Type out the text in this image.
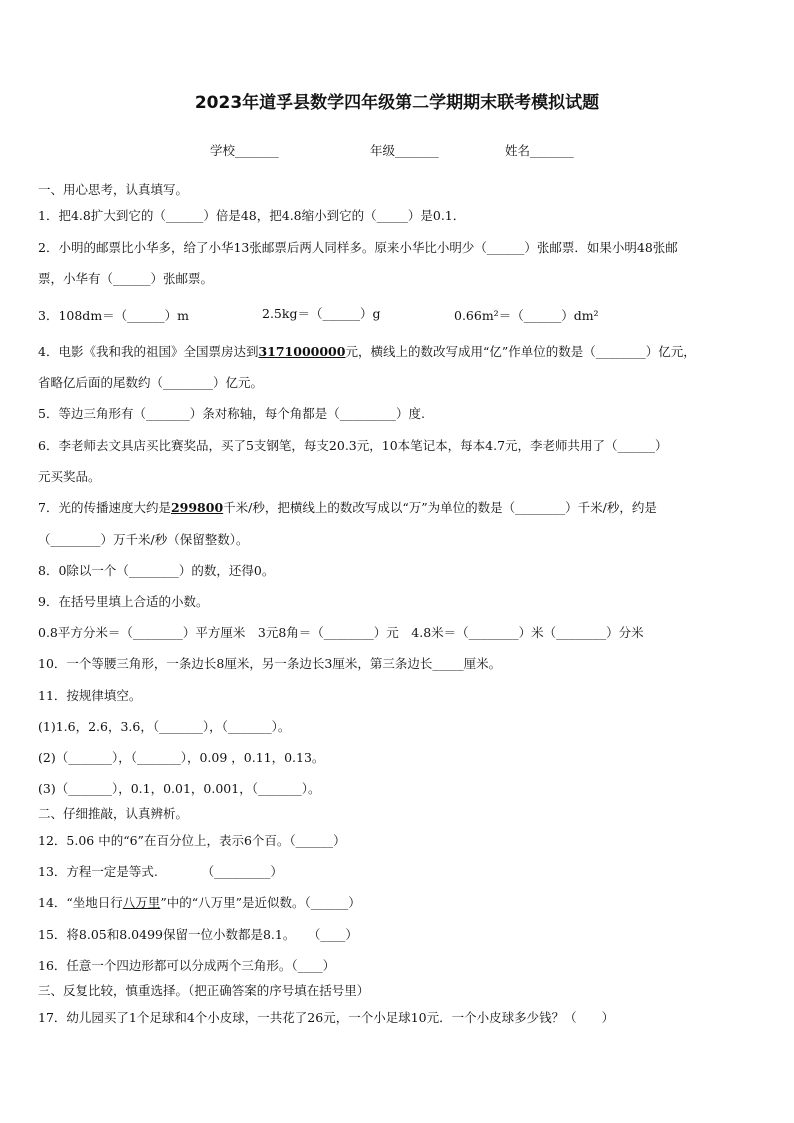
2023年道孚县数学四年级第二学期期末联考模拟试题
学校_______	年级_______	姓名_______
一、用心思考，认真填写。
1．把4.8扩大到它的（______）倍是48，把4.8缩小到它的（_____）是0.1．
2．小明的邮票比小华多，给了小华13张邮票后两人同样多。原来小华比小明少（______）张邮票．如果小明48张邮
票，小华有（______）张邮票。
3．108dm＝（______）m	2.5kg＝（______）g	0.66m²＝（______）dm²
4．电影《我和我的祖国》全国票房达到3171000000元，横线上的数改写成用“亿”作单位的数是（________）亿元，
省略亿后面的尾数约（________）亿元。
5．等边三角形有（_______）条对称轴，每个角都是（_________）度.
6．李老师去文具店买比赛奖品，买了5支钢笔，每支20.3元，10本笔记本，每本4.7元，李老师共用了（______）
元买奖品。
7．光的传播速度大约是299800千米/秒，把横线上的数改写成以“万”为单位的数是（________）千米/秒，约是
（________）万千米/秒（保留整数）。
8．0除以一个（________）的数，还得0。
9．在括号里填上合适的小数。
0.8平方分米＝（________）平方厘米　3元8角＝（________）元　4.8米＝（________）米（________）分米
10．一个等腰三角形，一条边长8厘米，另一条边长3厘米，第三条边长_____厘米。
11．按规律填空。
(1)1.6，2.6，3.6，（_______），（_______）。
(2)（_______），（_______），0.09 ，0.11，0.13。
(3)（_______），0.1，0.01，0.001，（_______）。
二、仔细推敲，认真辨析。
12．5.06 中的“6”在百分位上，表示6个百。（______）
13．方程一定是等式.　　　　（_________）
14．“坐地日行八万里”中的“八万里”是近似数。（______）
15．将8.05和8.0499保留一位小数都是8.1。　　（____）
16．任意一个四边形都可以分成两个三角形。（____）
三、反复比较，慎重选择。（把正确答案的序号填在括号里）
17．幼儿园买了1个足球和4个小皮球，一共花了26元，一个小足球10元．一个小皮球多少钱？（　　）
